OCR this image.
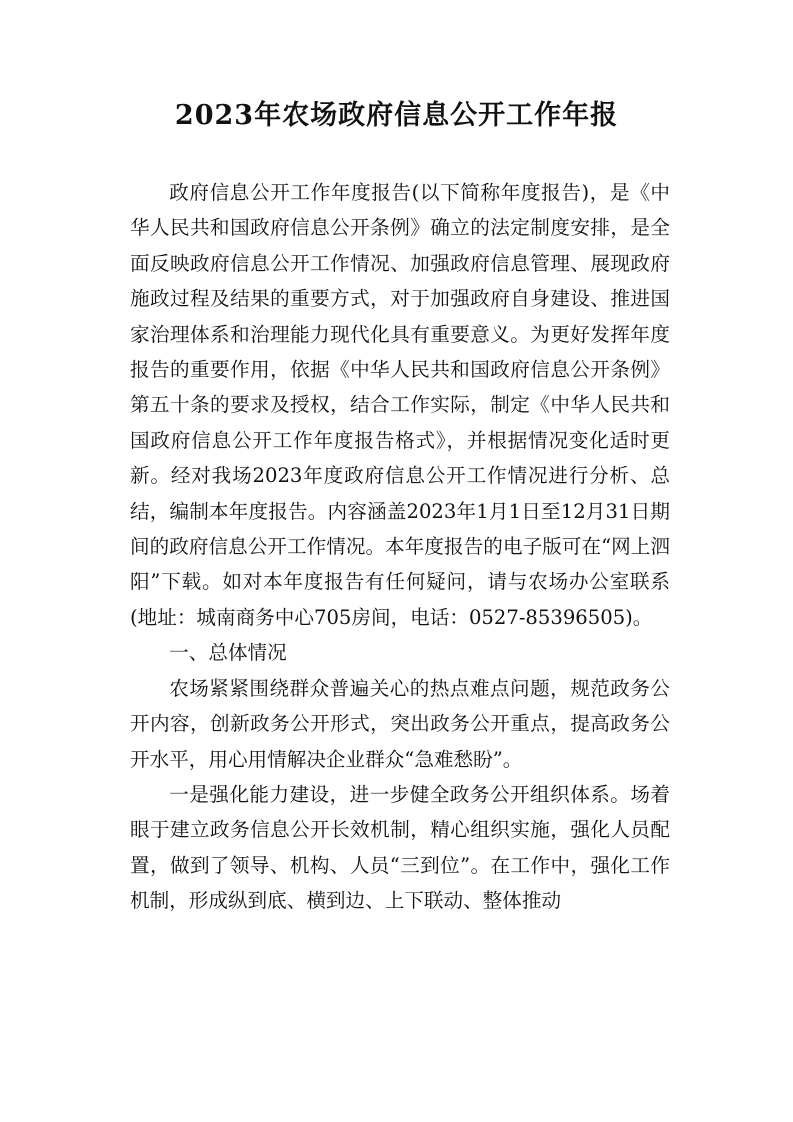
2023年农场政府信息公开工作年报

政府信息公开工作年度报告(以下简称年度报告)，是《中华人民共和国政府信息公开条例》确立的法定制度安排，是全面反映政府信息公开工作情况、加强政府信息管理、展现政府施政过程及结果的重要方式，对于加强政府自身建设、推进国家治理体系和治理能力现代化具有重要意义。为更好发挥年度报告的重要作用，依据《中华人民共和国政府信息公开条例》第五十条的要求及授权，结合工作实际，制定《中华人民共和国政府信息公开工作年度报告格式》，并根据情况变化适时更新。经对我场2023年度政府信息公开工作情况进行分析、总结，编制本年度报告。内容涵盖2023年1月1日至12月31日期间的政府信息公开工作情况。本年度报告的电子版可在“网上泗阳”下载。如对本年度报告有任何疑问，请与农场办公室联系(地址：城南商务中心705房间，电话：0527-85396505)。

一、总体情况

农场紧紧围绕群众普遍关心的热点难点问题，规范政务公开内容，创新政务公开形式，突出政务公开重点，提高政务公开水平，用心用情解决企业群众“急难愁盼”。

一是强化能力建设，进一步健全政务公开组织体系。场着眼于建立政务信息公开长效机制，精心组织实施，强化人员配置，做到了领导、机构、人员“三到位”。在工作中，强化工作机制，形成纵到底、横到边、上下联动、整体推动
